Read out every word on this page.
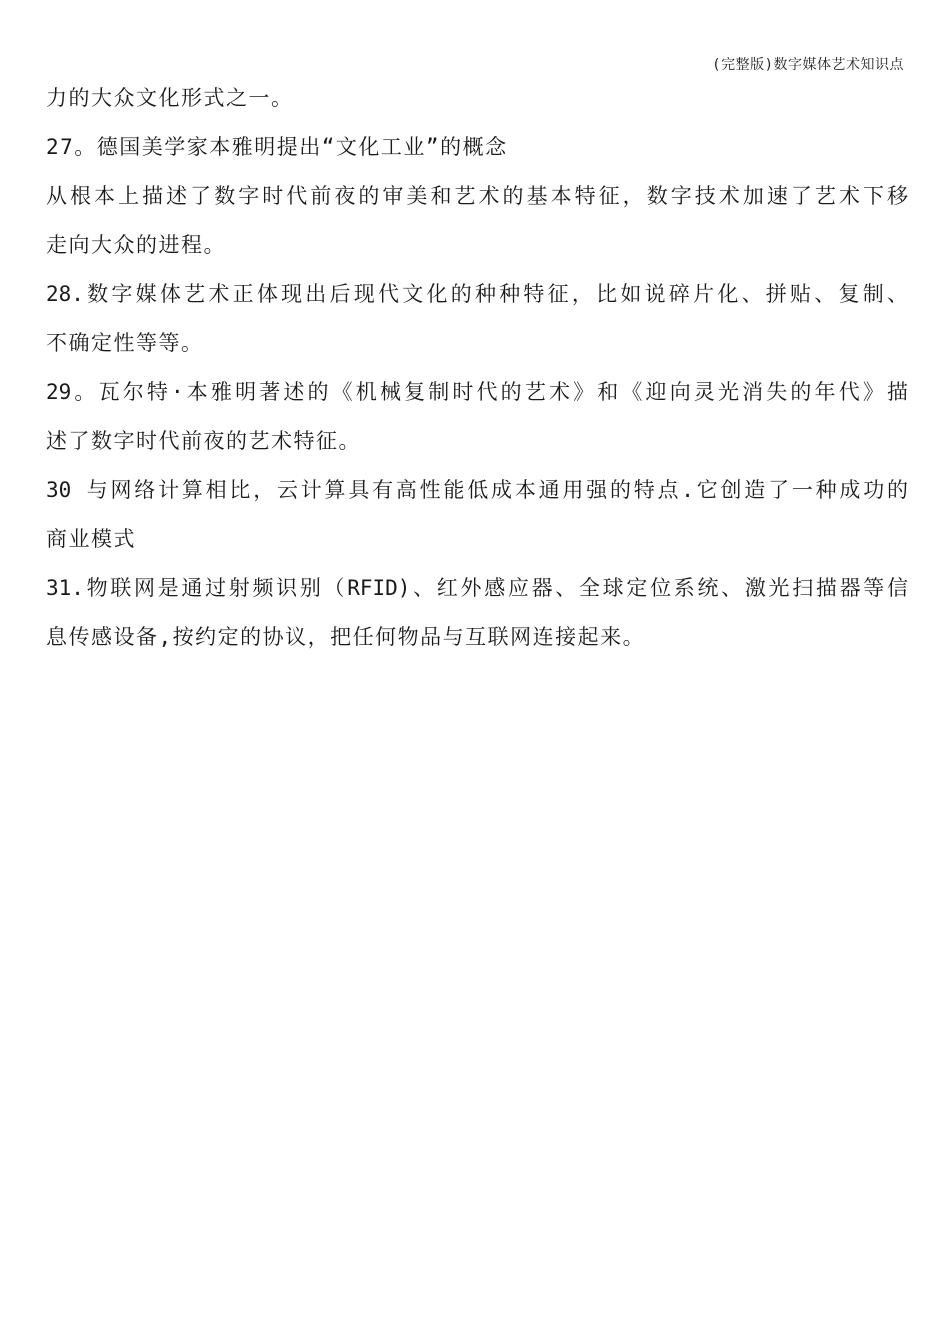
(完整版)数字媒体艺术知识点
力的大众文化形式之一。
27。德国美学家本雅明提出“文化工业”的概念
从根本上描述了数字时代前夜的审美和艺术的基本特征，数字技术加速了艺术下移
走向大众的进程。
28.数字媒体艺术正体现出后现代文化的种种特征，比如说碎片化、拼贴、复制、
不确定性等等。
29。瓦尔特·本雅明著述的《机械复制时代的艺术》和《迎向灵光消失的年代》描
述了数字时代前夜的艺术特征。
30 与网络计算相比，云计算具有高性能低成本通用强的特点.它创造了一种成功的
商业模式
31.物联网是通过射频识别（RFID)、红外感应器、全球定位系统、激光扫描器等信
息传感设备,按约定的协议，把任何物品与互联网连接起来。
